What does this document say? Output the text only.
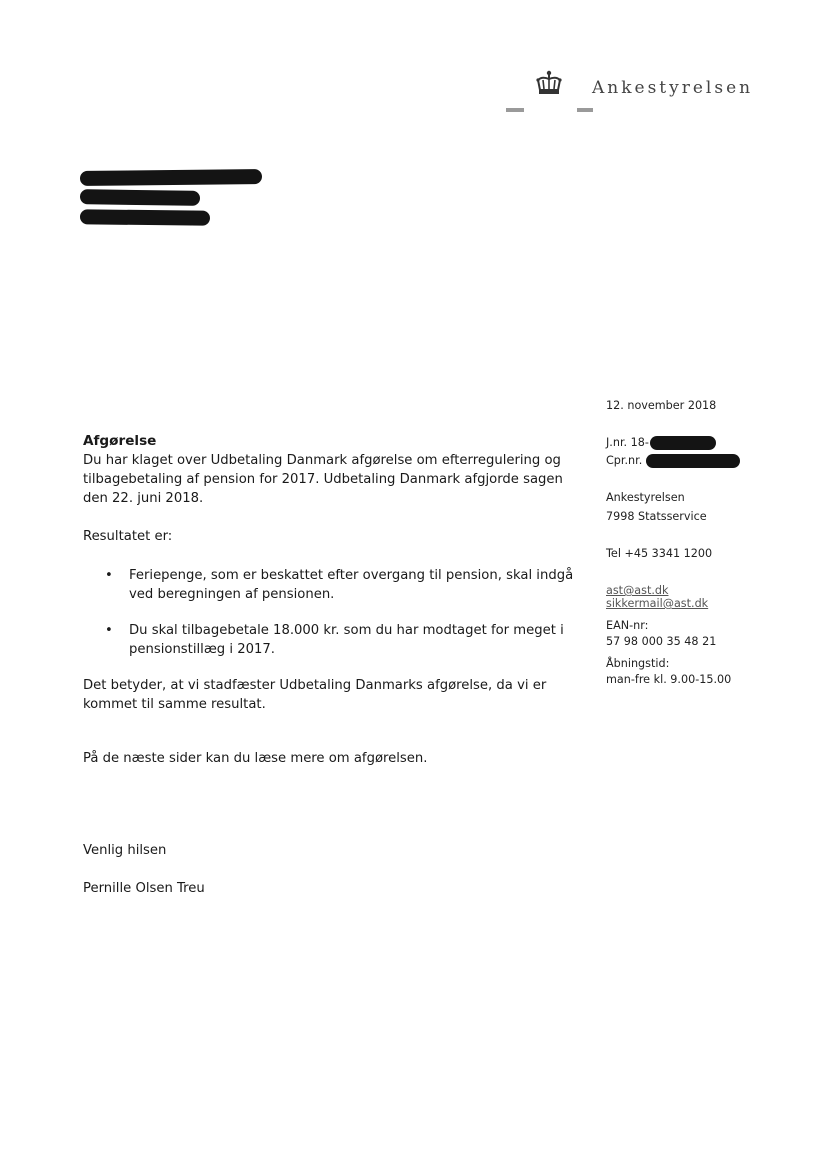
Ankestyrelsen
12. november 2018
J.nr. 18-
Cpr.nr.
Ankestyrelsen
7998 Statsservice
Tel +45 3341 1200
ast@ast.dk
sikkermail@ast.dk
EAN-nr:
57 98 000 35 48 21
Åbningstid:
man-fre kl. 9.00-15.00

Afgørelse

Du har klaget over Udbetaling Danmark afgørelse om efterregulering og tilbagebetaling af pension for 2017. Udbetaling Danmark afgjorde sagen den 22. juni 2018.

Resultatet er:

• Feriepenge, som er beskattet efter overgang til pension, skal indgå ved beregningen af pensionen.
• Du skal tilbagebetale 18.000 kr. som du har modtaget for meget i pensionstillæg i 2017.

Det betyder, at vi stadfæster Udbetaling Danmarks afgørelse, da vi er kommet til samme resultat.

På de næste sider kan du læse mere om afgørelsen.

Venlig hilsen

Pernille Olsen Treu
